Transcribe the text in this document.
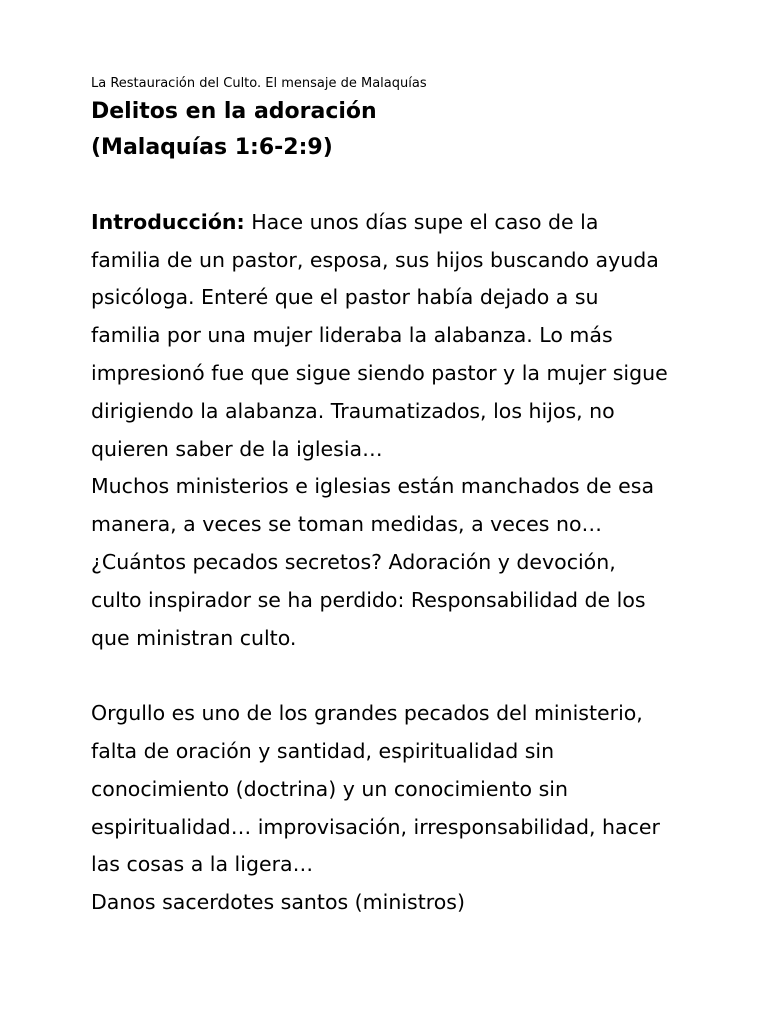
La Restauración del Culto. El mensaje de Malaquías

Delitos en la adoración
(Malaquías 1:6-2:9)

Introducción: Hace unos días supe el caso de la
familia de un pastor, esposa, sus hijos buscando ayuda
psicóloga. Enteré que el pastor había dejado a su
familia por una mujer lideraba la alabanza. Lo más
impresionó fue que sigue siendo pastor y la mujer sigue
dirigiendo la alabanza. Traumatizados, los hijos, no
quieren saber de la iglesia…
Muchos ministerios e iglesias están manchados de esa
manera, a veces se toman medidas, a veces no…
¿Cuántos pecados secretos? Adoración y devoción,
culto inspirador se ha perdido: Responsabilidad de los
que ministran culto.

Orgullo es uno de los grandes pecados del ministerio,
falta de oración y santidad, espiritualidad sin
conocimiento (doctrina) y un conocimiento sin
espiritualidad… improvisación, irresponsabilidad, hacer
las cosas a la ligera…
Danos sacerdotes santos (ministros)
